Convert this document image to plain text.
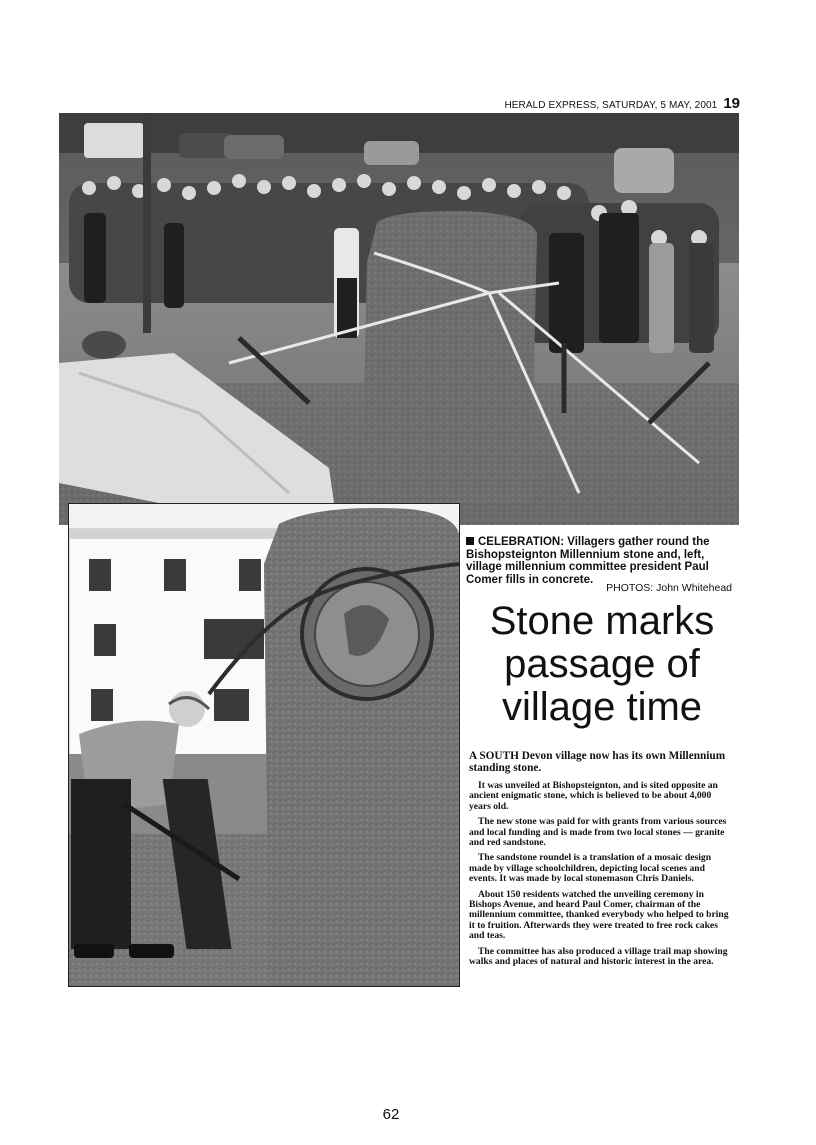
HERALD EXPRESS, SATURDAY, 5 MAY, 2001 19
CELEBRATION: Villagers gather round the Bishopsteignton Millennium stone and, left, village millennium committee president Paul Comer fills in concrete.
PHOTOS: John Whitehead
Stone marks
passage of
village time

A SOUTH Devon village now has its own Millennium standing stone.

It was unveiled at Bishopsteignton, and is sited opposite an ancient enigmatic stone, which is believed to be about 4,000 years old.

The new stone was paid for with grants from various sources and local funding and is made from two local stones — granite and red sandstone.

The sandstone roundel is a translation of a mosaic design made by village schoolchildren, depicting local scenes and events. It was made by local stonemason Chris Daniels.

About 150 residents watched the unveiling ceremony in Bishops Avenue, and heard Paul Comer, chairman of the millennium committee, thanked everybody who helped to bring it to fruition. Afterwards they were treated to free rock cakes and teas.

The committee has also produced a village trail map showing walks and places of natural and historic interest in the area.

62
